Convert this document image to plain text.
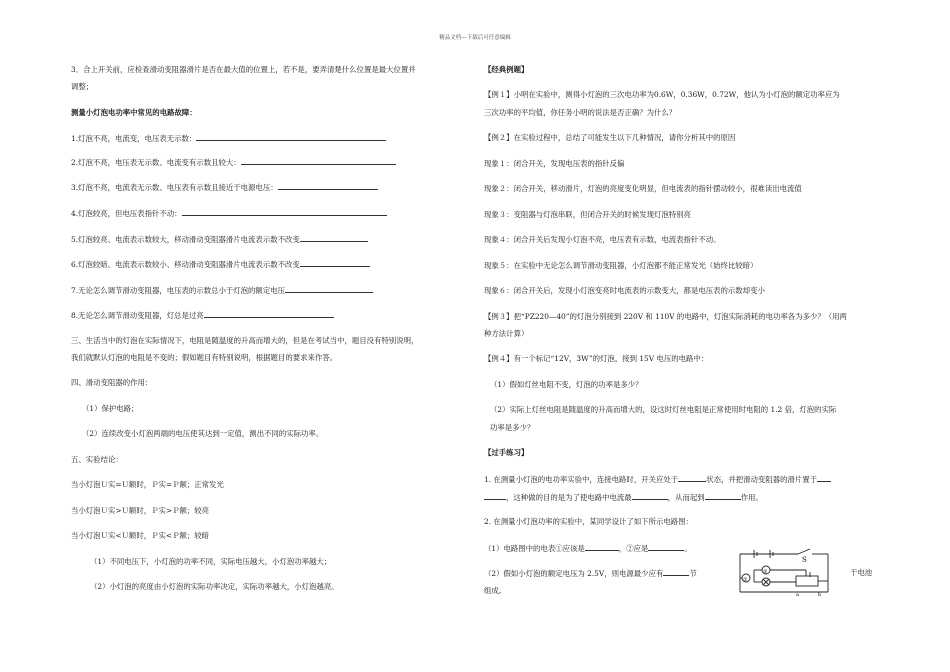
精品文档---下载后可任意编辑
3．合上开关前，应检查滑动变阻器滑片是否在最大值的位置上，若不是，要弄清楚什么位置是最大位置并
调整；
测量小灯泡电功率中常见的电路故障：
1.灯泡不亮，电流变，电压表无示数：
2.灯泡不亮，电压表无示数、电流变有示数且较大：
3.灯泡不亮，电流表无示数、电压表有示数且接近于电源电压：
4.灯泡较亮，但电压表指针不动：
5.灯泡较亮、电流表示数较大，移动滑动变阻器滑片电流表示数不改变
6.灯泡较暗、电流表示数较小、移动滑动变阻器滑片电流表示数不改变
7.无论怎么调节滑动变阻器，电压表的示数总小于灯泡的额定电压
8.无论怎么调节滑动变阻器，灯总是过亮
三、生活当中的灯泡在实际情况下，电阻是随温度的升高而增大的，但是在考试当中，题目没有特别说明，
我们就默认灯泡的电阻是不变的；假如题目有特别说明，根据题目的要求来作答。
四、滑动变阻器的作用：
（1）保护电路；
（2）连续改变小灯泡两端的电压使其达到一定值，测出不同的实际功率。
五、实验结论：
当小灯泡Ｕ实=Ｕ额时，Ｐ实=Ｐ额；正常发光
当小灯泡Ｕ实>Ｕ额时，Ｐ实>Ｐ额；较亮
当小灯泡Ｕ实<Ｕ额时，Ｐ实<Ｐ额；较暗
（1）不同电压下，小灯泡的功率不同，实际电压越大，小灯泡功率越大；
（2）小灯泡的亮度由小灯泡的实际功率决定，实际功率越大，小灯泡越亮。
【经典例题】
【例１】小明在实验中，测得小灯泡的三次电功率为0.6W，0.36W，0.72W，他认为小灯泡的额定功率应为
三次功率的平均值，你任务小明的说法是否正确？为什么？
【例２】在实验过程中，总结了可能发生以下几种情况，请你分析其中的原因
现象１：闭合开关，发现电压表的指针反偏
现象２：闭合开关，移动滑片，灯泡的亮度变化明显，但电流表的指针摆动较小，很难读出电流值
现象３：变阻器与灯泡串联，但闭合开关的时候发现灯泡特别亮
现象４：闭合开关后发现小灯泡不亮，电压表有示数，电流表指针不动。
现象５：在实验中无论怎么调节滑动变阻器，小灯泡都不能正常发光（始终比较暗）
现象６：闭合开关后，发现小灯泡变亮时电流表的示数变大，都是电压表的示数却变小
【例３】把“PZ220—40”的灯泡分别接到 220V 和 110V 的电路中，灯泡实际消耗的电功率各为多少？（用两
种方法计算）
【例４】有一个标记“12V，3W”的灯泡，接到 15V 电压的电路中：
（1）假如灯丝电阻不变，灯泡的功率是多少？
（2）实际上灯丝电阻是随温度的升高而增大的，设这时灯丝电阻是正常使用时电阻的 1.2 倍，灯泡的实际
功率是多少？
【过手练习】
1. 在测量小灯泡的电功率实验中，连接电路时，开关应处于	状态，并把滑动变阻器的滑片置于
，这种做的目的是为了使电路中电流最	，从而起到	作用。
2. 在测量小灯泡功率的实验中，某同学设计了如下所示电路图：
（1）电路图中的电表①应该是	，②应是	。
（2）假如小灯泡的额定电压为 2.5V，则电源最少应有	节	干电池
组成。
S
①
②
a	b
